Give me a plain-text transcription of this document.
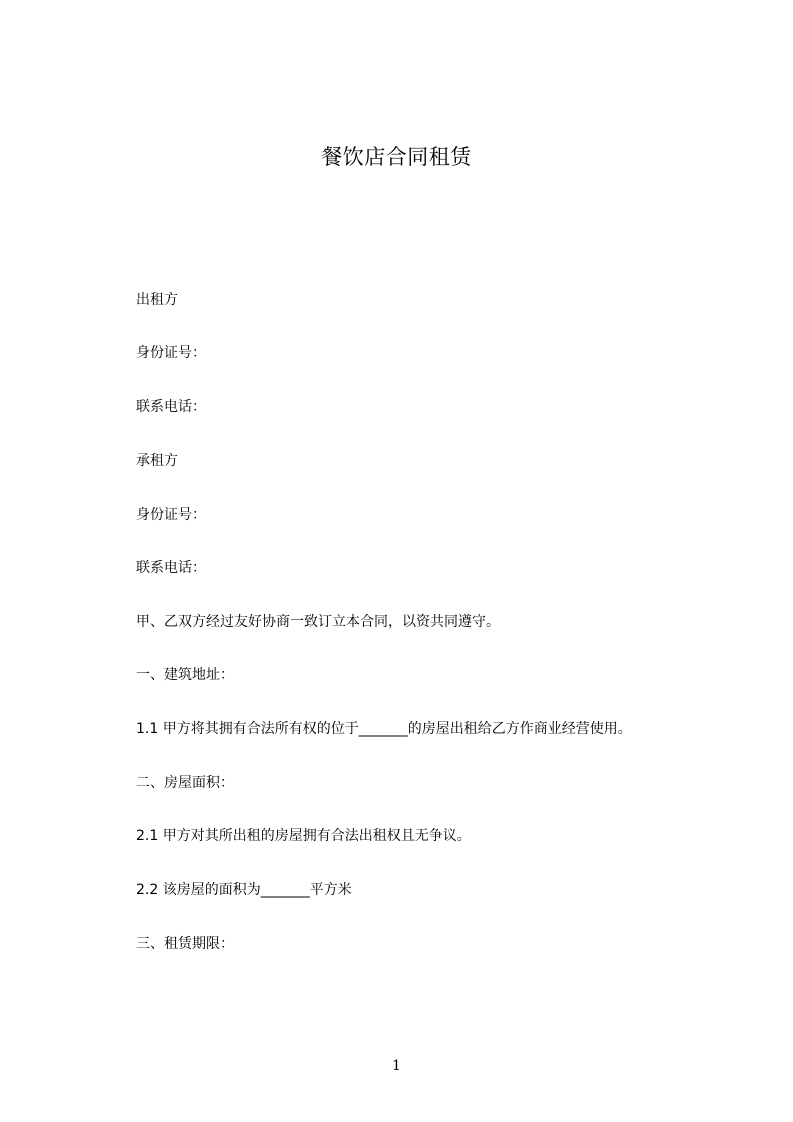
餐饮店合同租赁
出租方
身份证号：
联系电话：
承租方
身份证号：
联系电话：
甲、乙双方经过友好协商一致订立本合同，以资共同遵守。
一、建筑地址：
1.1 甲方将其拥有合法所有权的位于_______的房屋出租给乙方作商业经营使用。
二、房屋面积：
2.1 甲方对其所出租的房屋拥有合法出租权且无争议。
2.2 该房屋的面积为_______平方米
三、租赁期限：
1
